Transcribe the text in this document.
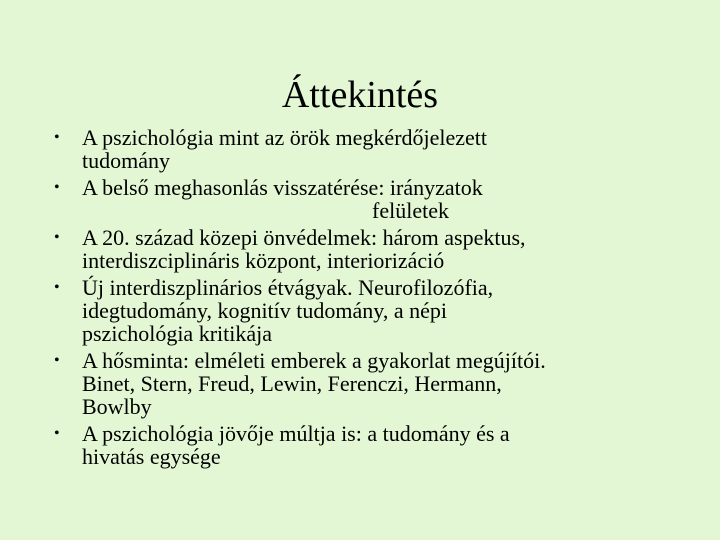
Áttekintés
• A pszichológia mint az örök megkérdőjelezett
tudomány
• A belső meghasonlás visszatérése: irányzatok
felületek
• A 20. század közepi önvédelmek: három aspektus,
interdiszciplináris központ, interiorizáció
• Új interdiszplinários étvágyak. Neurofilozófia,
idegtudomány, kognitív tudomány, a népi
pszichológia kritikája
• A hősminta: elméleti emberek a gyakorlat megújítói.
Binet, Stern, Freud, Lewin, Ferenczi, Hermann,
Bowlby
• A pszichológia jövője múltja is: a tudomány és a
hivatás egysége
